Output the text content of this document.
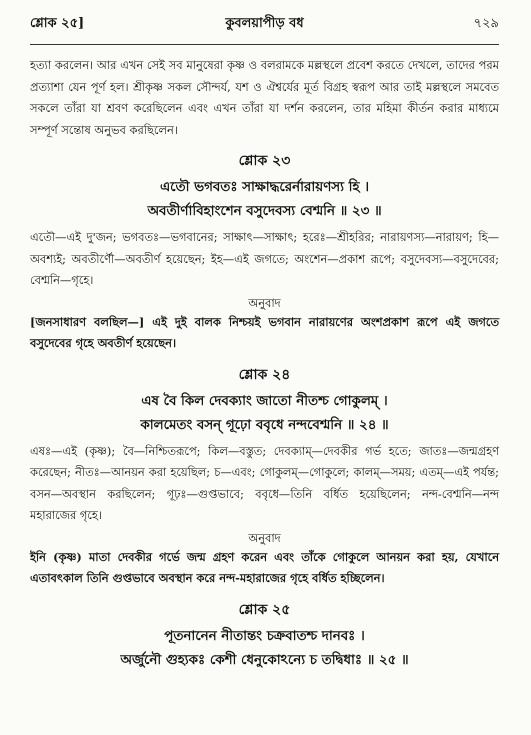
শ্লোক ২৫]	কুবলয়াপীড় বধ	৭২৯

হত্যা করলেন। আর এখন সেই সব মানুষেরা কৃষ্ণ ও বলরামকে মল্লস্থলে প্রবেশ করতে দেখলে, তাদের পরম প্রত্যাশা যেন পূর্ণ হল। শ্রীকৃষ্ণ সকল সৌন্দর্য, যশ ও ঐশ্বর্যের মূর্ত বিগ্রহ স্বরূপ আর তাই মল্লস্থলে সমবেত সকলে তাঁরা যা শ্রবণ করেছিলেন এবং এখন তাঁরা যা দর্শন করলেন, তার মহিমা কীর্তন করার মাধ্যমে সম্পূর্ণ সন্তোষ অনুভব করছিলেন।

শ্লোক ২৩

এতৌ ভগবতঃ সাক্ষাদ্ধরের্নারায়ণস্য হি ।

অবতীর্ণাবিহাংশেন বসুদেবস্য বেশ্মনি ॥ ২৩ ॥

এতৌ—এই দু'জন; ভগবতঃ—ভগবানের; সাক্ষাৎ—সাক্ষাৎ; হরেঃ—শ্রীহরির; নারায়ণস্য—নারায়ণ; হি—অবশ্যই; অবতীর্ণৌ—অবতীর্ণ হয়েছেন; ইহ—এই জগতে; অংশেন—প্রকাশ রূপে; বসুদেবস্য—বসুদেবের; বেশ্মনি—গৃহে।

অনুবাদ

[জনসাধারণ বলছিল—] এই দুই বালক নিশ্চয়ই ভগবান নারায়ণের অংশপ্রকাশ রূপে এই জগতে বসুদেবের গৃহে অবতীর্ণ হয়েছেন।

শ্লোক ২৪

এষ বৈ কিল দেবক্যাং জাতো নীতশ্চ গোকুলম্ ।

কালমেতং বসন্ গূঢ়ো ববৃধে নন্দবেশ্মনি ॥ ২৪ ॥

এষঃ—এই (কৃষ্ণ); বৈ—নিশ্চিতরূপে; কিল—বস্তুত; দেবক্যাম্—দেবকীর গর্ভ হতে; জাতঃ—জন্মগ্রহণ করেছেন; নীতঃ—আনয়ন করা হয়েছিল; চ—এবং; গোকুলম্—গোকুলে; কালম্—সময়; এতম্—এই পর্যন্ত; বসন—অবস্থান করছিলেন; গূঢ়ঃ—গুপ্তভাবে; ববৃধে—তিনি বর্ধিত হয়েছিলেন; নন্দ-বেশ্মনি—নন্দ মহারাজের গৃহে।

অনুবাদ

ইনি (কৃষ্ণ) মাতা দেবকীর গর্ভে জন্ম গ্রহণ করেন এবং তাঁকে গোকুলে আনয়ন করা হয়, যেখানে এতাবৎকাল তিনি গুপ্তভাবে অবস্থান করে নন্দ-মহারাজের গৃহে বর্ধিত হচ্ছিলেন।

শ্লোক ২৫

পূতনানেন নীতান্তং চক্রবাতশ্চ দানবঃ ।

অর্জুনৌ গুহ্যকঃ কেশী ধেনুকোঽন্যে চ তদ্বিধাঃ ॥ ২৫ ॥
